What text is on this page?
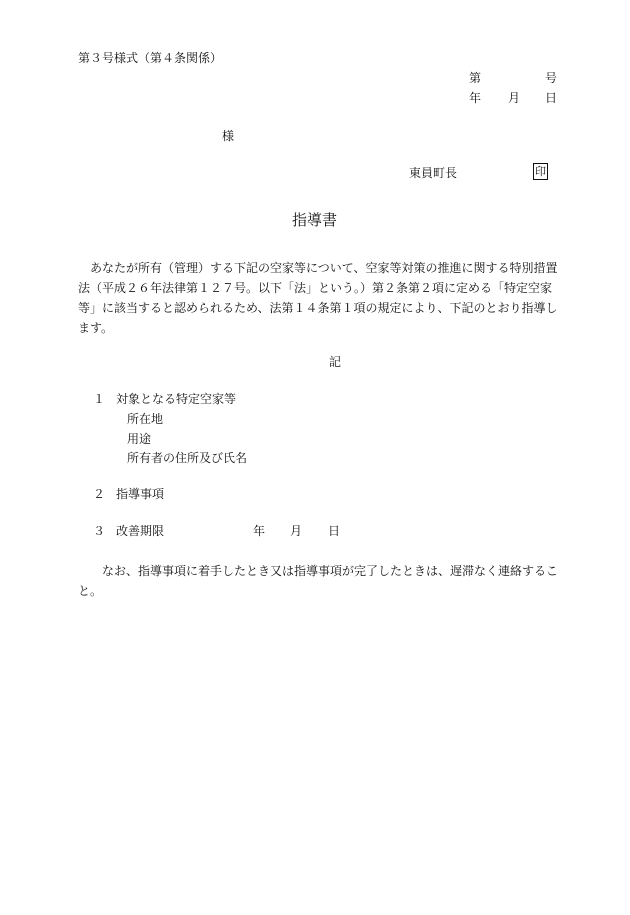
第３号様式（第４条関係）
第	号
年 月 日
様
東員町長	印
指導書

あなたが所有（管理）する下記の空家等について、空家等対策の推進に関する特別措置法（平成２６年法律第１２７号。以下「法」という。）第２条第２項に定める「特定空家等」に該当すると認められるため、法第１４条第１項の規定により、下記のとおり指導します。

記
１ 対象となる特定空家等
所在地
用途
所有者の住所及び氏名
２ 指導事項
３ 改善期限	年 月 日

なお、指導事項に着手したとき又は指導事項が完了したときは、遅滞なく連絡すること。
